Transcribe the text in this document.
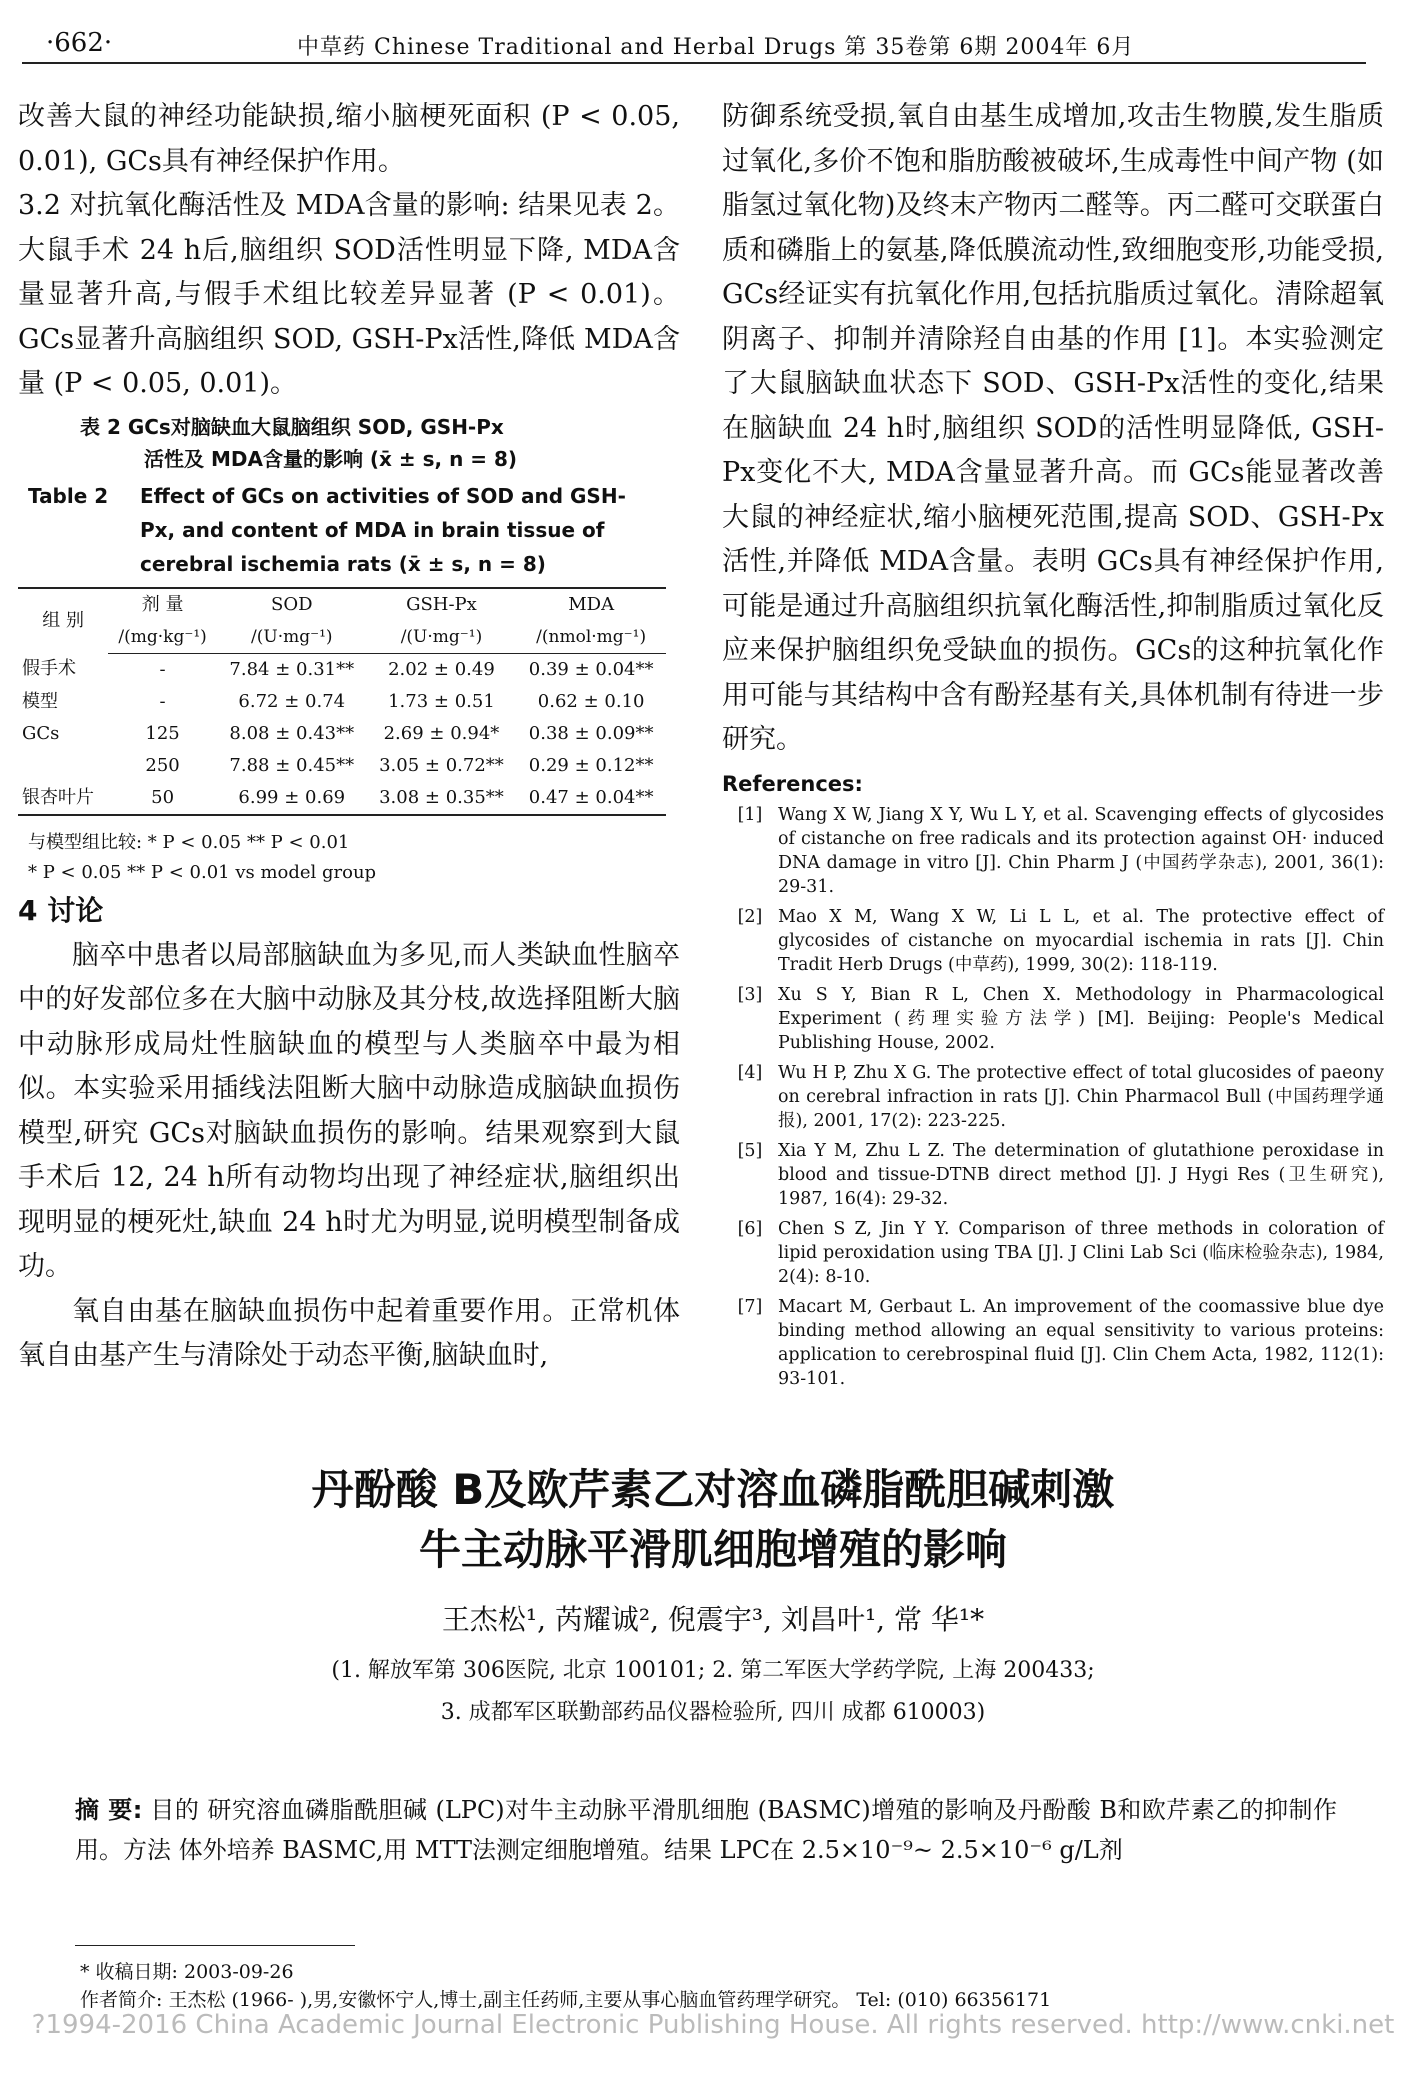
·662·	中草药 Chinese Traditional and Herbal Drugs 第 35卷第 6期 2004年 6月

改善大鼠的神经功能缺损,缩小脑梗死面积 (P < 0.05, 0.01), GCs具有神经保护作用。

3.2 对抗氧化酶活性及 MDA含量的影响: 结果见表 2。大鼠手术 24 h后,脑组织 SOD活性明显下降, MDA含量显著升高,与假手术组比较差异显著 (P < 0.01)。GCs显著升高脑组织 SOD, GSH-Px活性,降低 MDA含量 (P < 0.05, 0.01)。

表 2 GCs对脑缺血大鼠脑组织 SOD, GSH-Px
活性及 MDA含量的影响 (x̄ ± s, n = 8)
Table 2 Effect of GCs on activities of SOD and GSH-Px, and content of MDA in brain tissue of cerebral ischemia rats (x̄ ± s, n = 8)
组 别	剂 量	SOD	GSH-Px	MDA
	/(mg·kg⁻¹)	/(U·mg⁻¹)	/(U·mg⁻¹)	/(nmol·mg⁻¹)
假手术	-	7.84 ± 0.31**	2.02 ± 0.49	0.39 ± 0.04**
模型	-	6.72 ± 0.74	1.73 ± 0.51	0.62 ± 0.10
GCs	125	8.08 ± 0.43**	2.69 ± 0.94*	0.38 ± 0.09**
	250	7.88 ± 0.45**	3.05 ± 0.72**	0.29 ± 0.12**
银杏叶片	50	6.99 ± 0.69	3.08 ± 0.35**	0.47 ± 0.04**
与模型组比较: * P < 0.05 ** P < 0.01
* P < 0.05 ** P < 0.01 vs model group
4 讨论

脑卒中患者以局部脑缺血为多见,而人类缺血性脑卒中的好发部位多在大脑中动脉及其分枝,故选择阻断大脑中动脉形成局灶性脑缺血的模型与人类脑卒中最为相似。本实验采用插线法阻断大脑中动脉造成脑缺血损伤模型,研究 GCs对脑缺血损伤的影响。结果观察到大鼠手术后 12, 24 h所有动物均出现了神经症状,脑组织出现明显的梗死灶,缺血 24 h时尤为明显,说明模型制备成功。

氧自由基在脑缺血损伤中起着重要作用。正常机体氧自由基产生与清除处于动态平衡,脑缺血时,

防御系统受损,氧自由基生成增加,攻击生物膜,发生脂质过氧化,多价不饱和脂肪酸被破坏,生成毒性中间产物 (如脂氢过氧化物)及终末产物丙二醛等。丙二醛可交联蛋白质和磷脂上的氨基,降低膜流动性,致细胞变形,功能受损, GCs经证实有抗氧化作用,包括抗脂质过氧化。清除超氧阴离子、抑制并清除羟自由基的作用 [1]。本实验测定了大鼠脑缺血状态下 SOD、GSH-Px活性的变化,结果在脑缺血 24 h时,脑组织 SOD的活性明显降低, GSH-Px变化不大, MDA含量显著升高。而 GCs能显著改善大鼠的神经症状,缩小脑梗死范围,提高 SOD、GSH-Px活性,并降低 MDA含量。表明 GCs具有神经保护作用,可能是通过升高脑组织抗氧化酶活性,抑制脂质过氧化反应来保护脑组织免受缺血的损伤。GCs的这种抗氧化作用可能与其结构中含有酚羟基有关,具体机制有待进一步研究。

References:
[1] Wang X W, Jiang X Y, Wu L Y, et al. Scavenging effects of glycosides of cistanche on free radicals and its protection against OH· induced DNA damage in vitro [J]. Chin Pharm J (中国药学杂志), 2001, 36(1): 29-31.
[2] Mao X M, Wang X W, Li L L, et al. The protective effect of glycosides of cistanche on myocardial ischemia in rats [J]. Chin Tradit Herb Drugs (中草药), 1999, 30(2): 118-119.
[3] Xu S Y, Bian R L, Chen X. Methodology in Pharmacological Experiment (药理实验方法学) [M]. Beijing: People's Medical Publishing House, 2002.
[4] Wu H P, Zhu X G. The protective effect of total glucosides of paeony on cerebral infraction in rats [J]. Chin Pharmacol Bull (中国药理学通报), 2001, 17(2): 223-225.
[5] Xia Y M, Zhu L Z. The determination of glutathione peroxidase in blood and tissue-DTNB direct method [J]. J Hygi Res (卫生研究), 1987, 16(4): 29-32.
[6] Chen S Z, Jin Y Y. Comparison of three methods in coloration of lipid peroxidation using TBA [J]. J Clini Lab Sci (临床检验杂志), 1984, 2(4): 8-10.
[7] Macart M, Gerbaut L. An improvement of the coomassive blue dye binding method allowing an equal sensitivity to various proteins: application to cerebrospinal fluid [J]. Clin Chem Acta, 1982, 112(1): 93-101.
丹酚酸 B及欧芹素乙对溶血磷脂酰胆碱刺激
牛主动脉平滑肌细胞增殖的影响
王杰松¹, 芮耀诚², 倪震宇³, 刘昌叶¹, 常 华¹*
(1. 解放军第 306医院, 北京 100101; 2. 第二军医大学药学院, 上海 200433;
3. 成都军区联勤部药品仪器检验所, 四川 成都 610003)

摘 要: 目的 研究溶血磷脂酰胆碱 (LPC)对牛主动脉平滑肌细胞 (BASMC)增殖的影响及丹酚酸 B和欧芹素乙的抑制作用。方法 体外培养 BASMC,用 MTT法测定细胞增殖。结果 LPC在 2.5×10⁻⁹~ 2.5×10⁻⁶ g/L剂

* 收稿日期: 2003-09-26
作者简介: 王杰松 (1966- ),男,安徽怀宁人,博士,副主任药师,主要从事心脑血管药理学研究。 Tel: (010) 66356171
?1994-2016 China Academic Journal Electronic Publishing House. All rights reserved. http://www.cnki.net
